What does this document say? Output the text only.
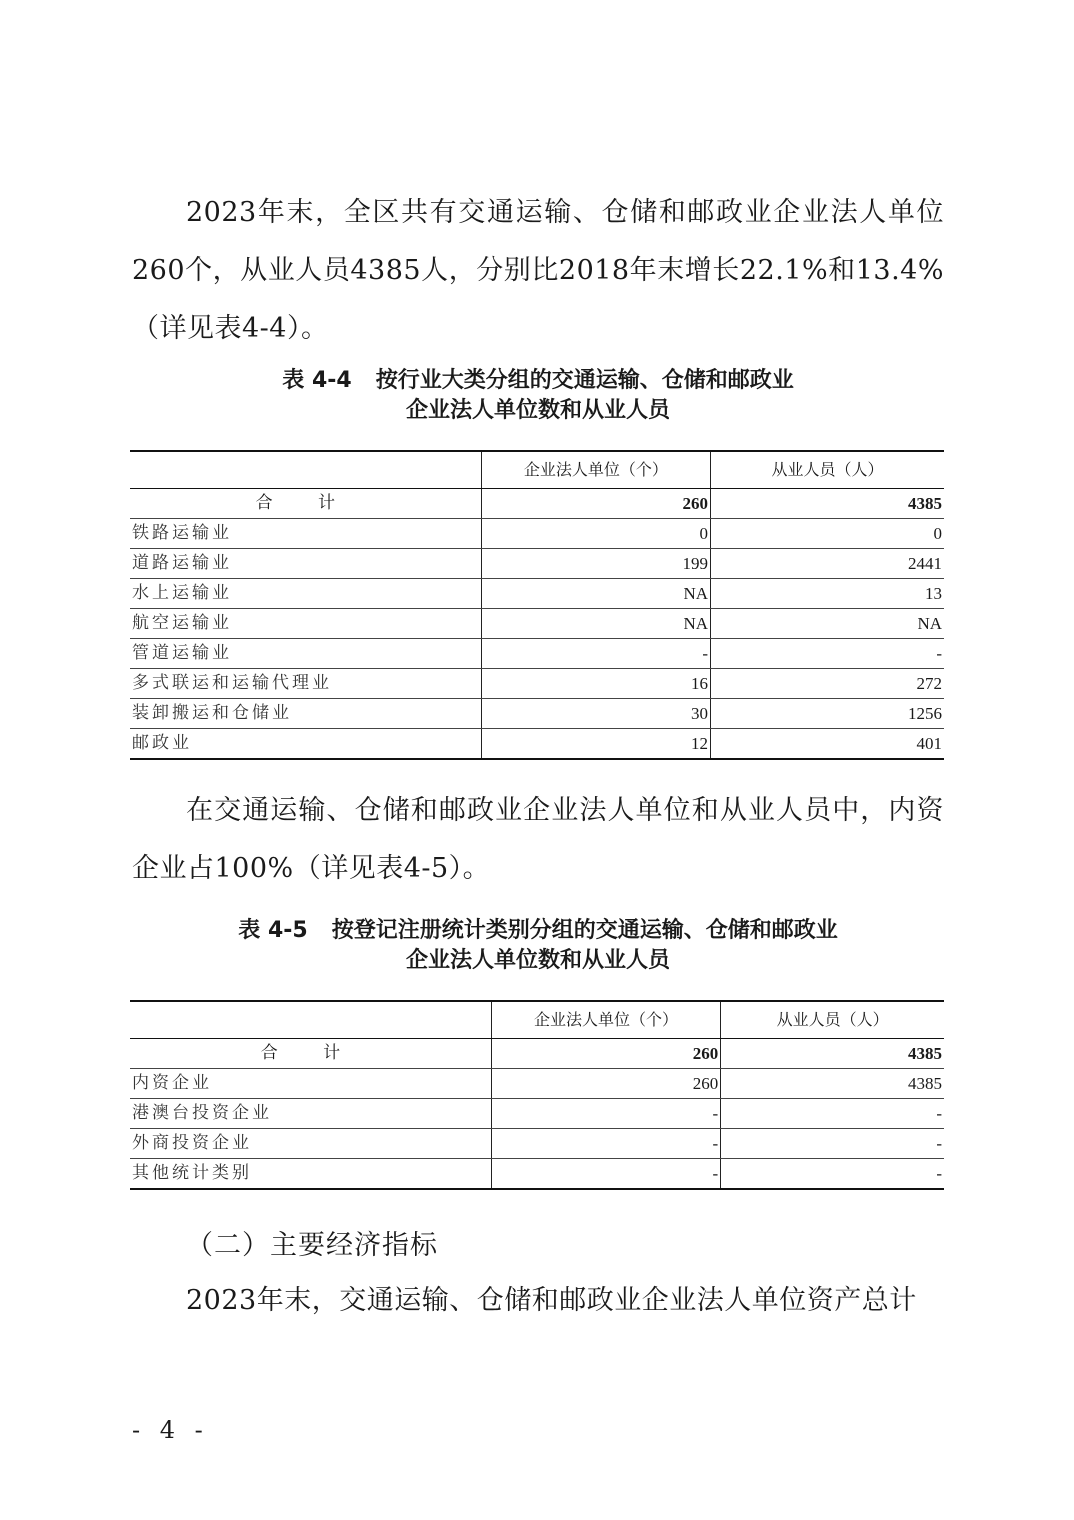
2023年末，全区共有交通运输、仓储和邮政业企业法人单位260个，从业人员4385人，分别比2018年末增长22.1%和13.4%（详见表4-4）。

表 4-4 按行业大类分组的交通运输、仓储和邮政业
企业法人单位数和从业人员
	企业法人单位（个）	从业人员（人）
合 计	260	4385
铁路运输业	0	0
道路运输业	199	2441
水上运输业	NA	13
航空运输业	NA	NA
管道运输业	-	-
多式联运和运输代理业	16	272
装卸搬运和仓储业	30	1256
邮政业	12	401

在交通运输、仓储和邮政业企业法人单位和从业人员中，内资企业占100%（详见表4-5）。

表 4-5 按登记注册统计类别分组的交通运输、仓储和邮政业
企业法人单位数和从业人员
	企业法人单位（个）	从业人员（人）
合 计	260	4385
内资企业	260	4385
港澳台投资企业	-	-
外商投资企业	-	-
其他统计类别	-	-

（二）主要经济指标

2023年末，交通运输、仓储和邮政业企业法人单位资产总计

- 4 -
